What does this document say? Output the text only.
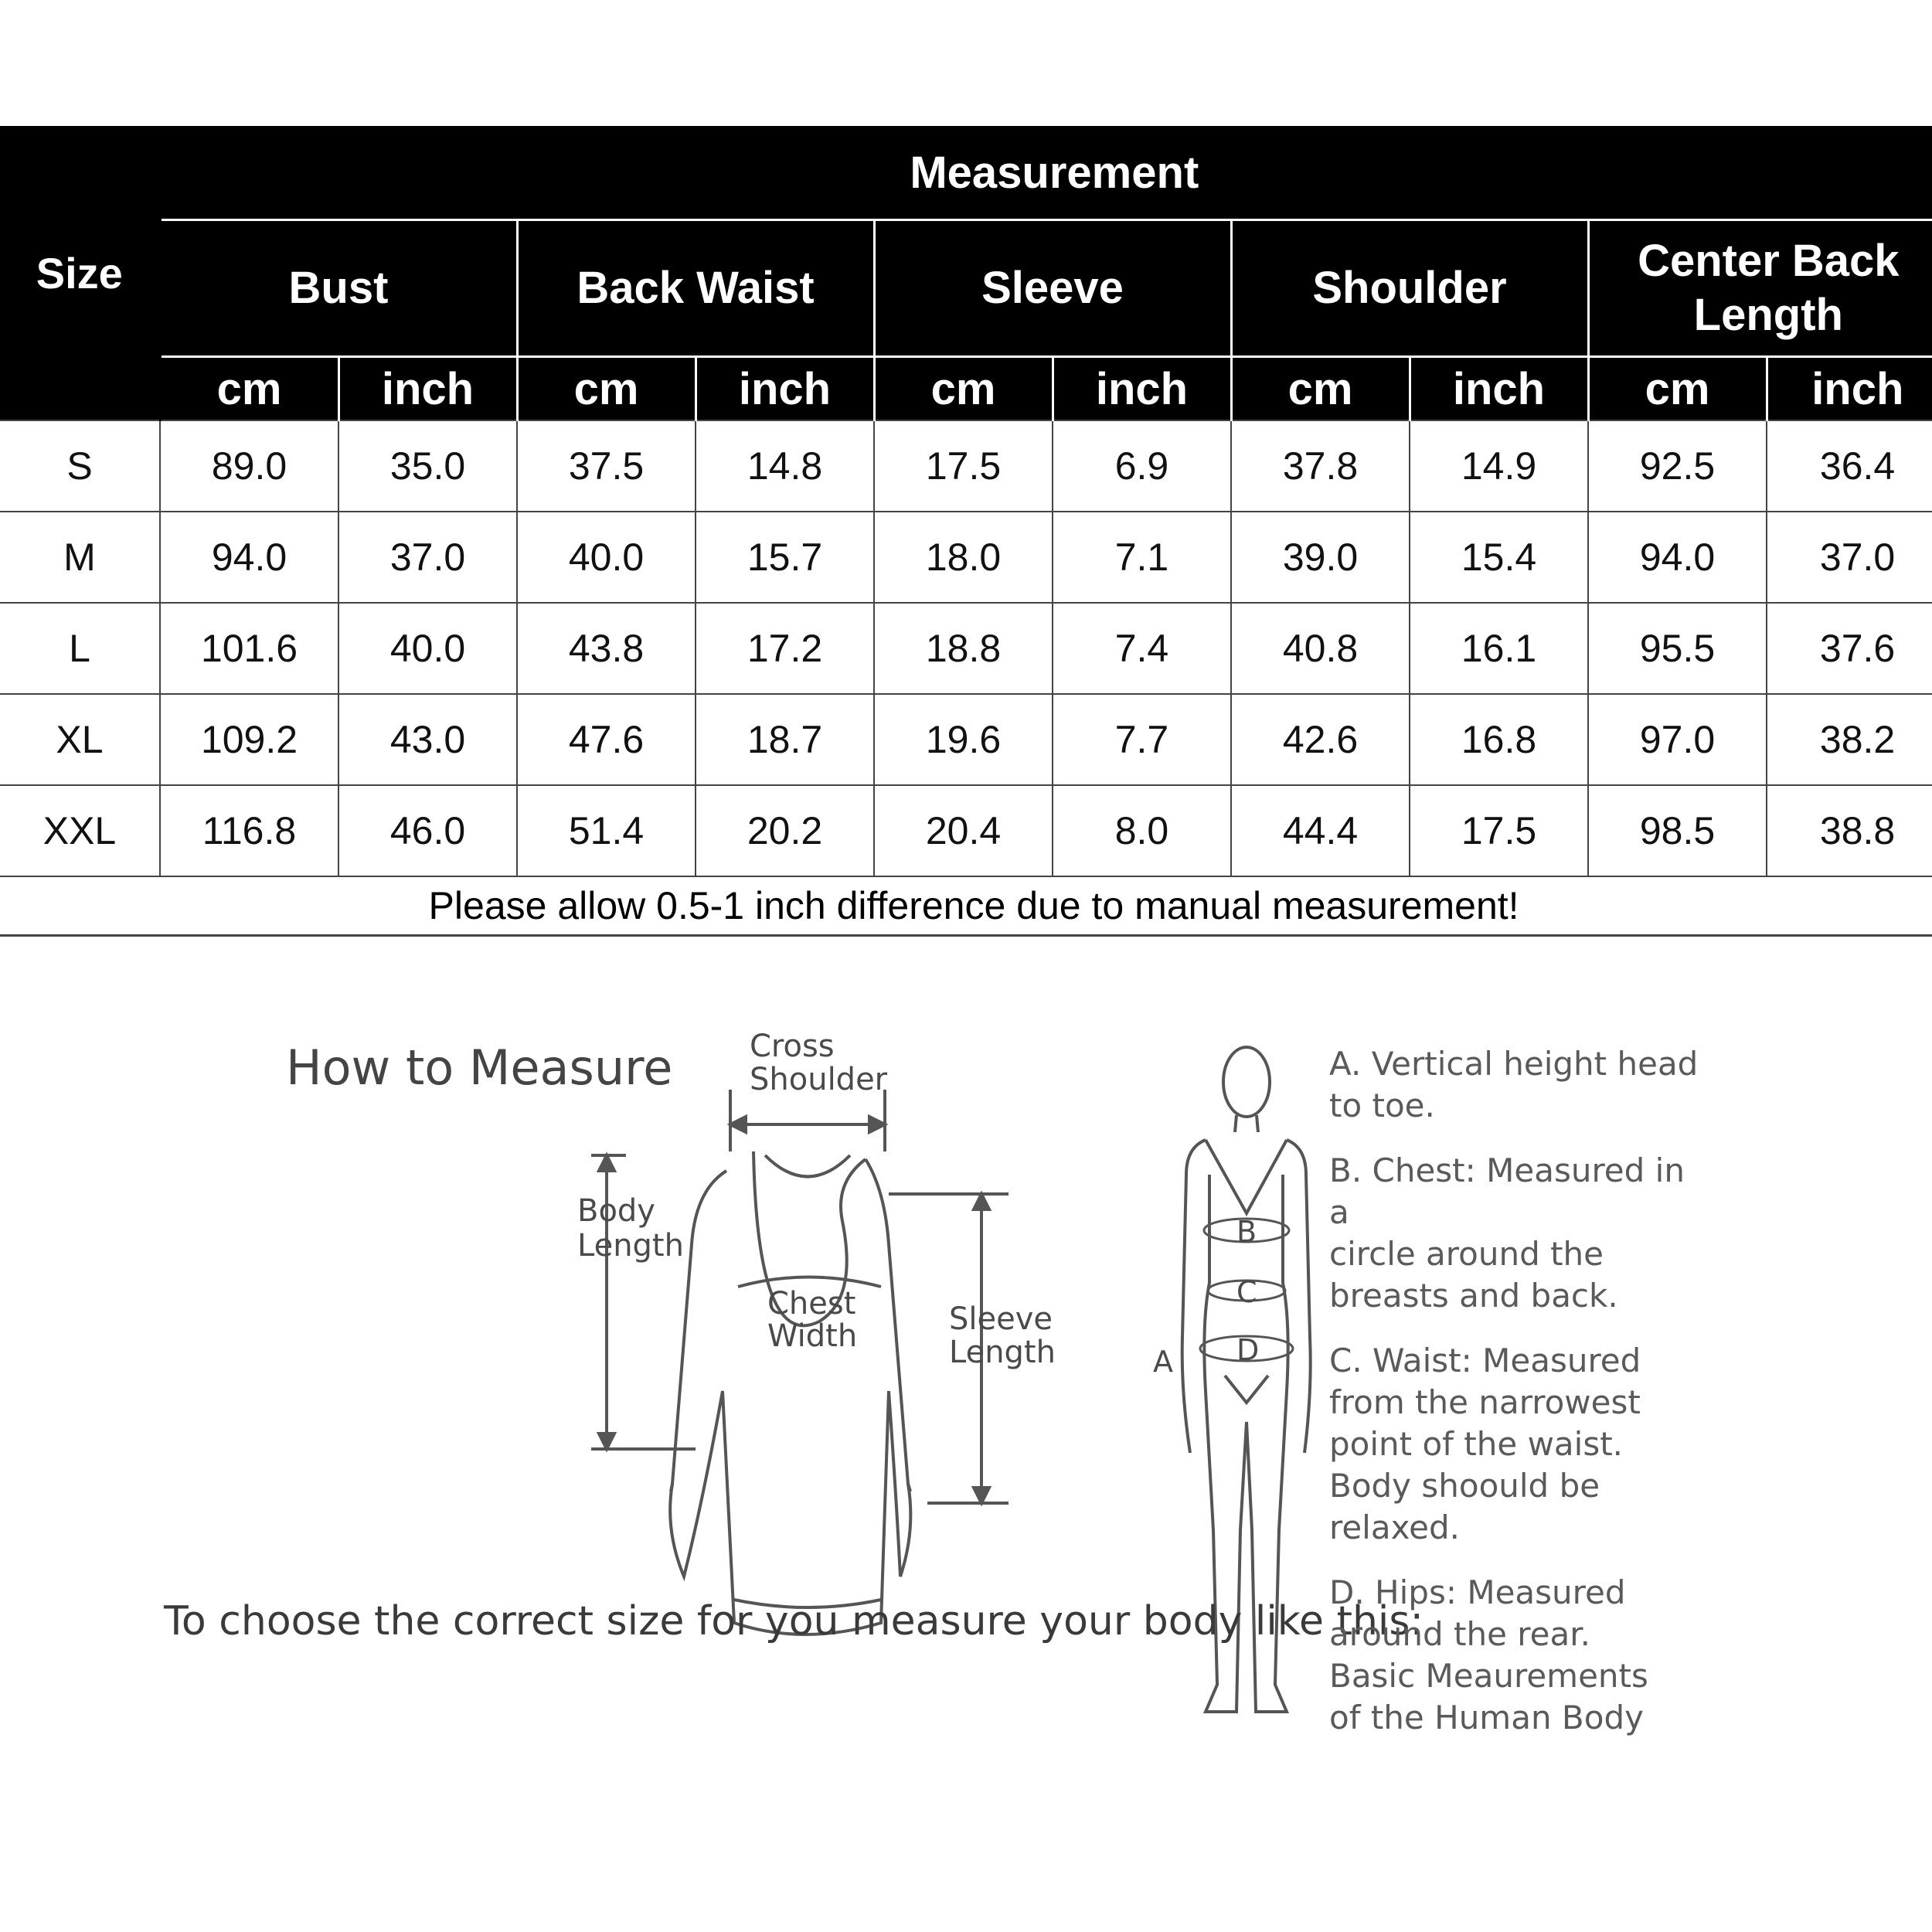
Size	Measurement									
	Bust		Back Waist		Sleeve		Shoulder		Center Back Length	
	cm	inch	cm	inch	cm	inch	cm	inch	cm	inch
S	89.0	35.0	37.5	14.8	17.5	6.9	37.8	14.9	92.5	36.4
M	94.0	37.0	40.0	15.7	18.0	7.1	39.0	15.4	94.0	37.0
L	101.6	40.0	43.8	17.2	18.8	7.4	40.8	16.1	95.5	37.6
XL	109.2	43.0	47.6	18.7	19.6	7.7	42.6	16.8	97.0	38.2
XXL	116.8	46.0	51.4	20.2	20.4	8.0	44.4	17.5	98.5	38.8
Please allow 0.5-1 inch difference due to manual measurement!										
How to Measure Cross
Shoulder
Body
Length
Chest
Width	Sleeve
Length
B
C
D
A
To choose the correct size for you measure your body like this:
A. Vertical height head
to toe.
B. Chest: Measured in a
circle around the
breasts and back.
C. Waist: Measured
from the narrowest
point of the waist.
Body shoould be
relaxed.
D. Hips: Measured
around the rear.
Basic Meaurements
of the Human Body
